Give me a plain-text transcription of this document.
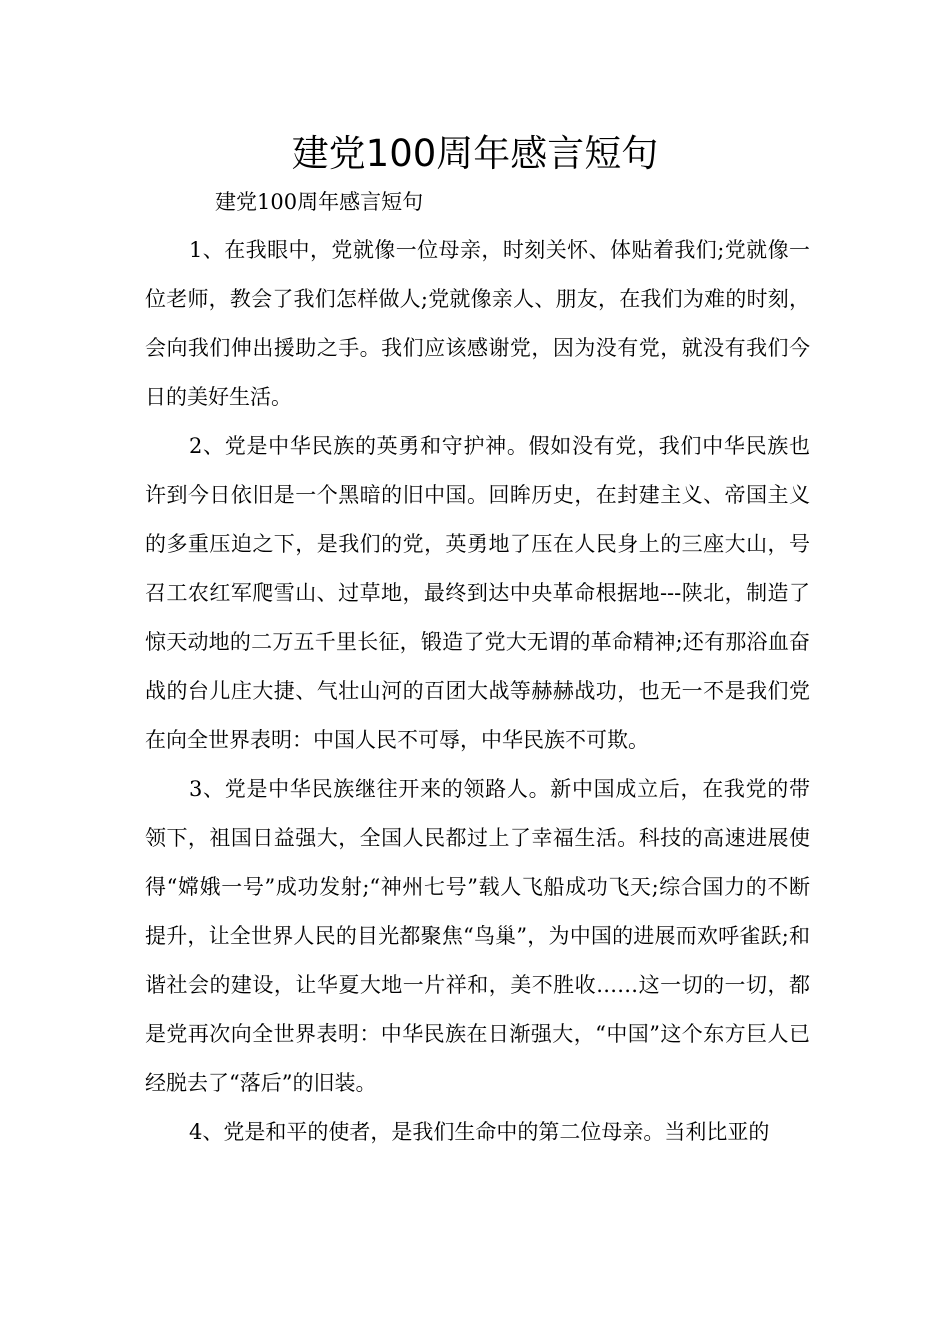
建党100周年感言短句

建党100周年感言短句

1、在我眼中，党就像一位母亲，时刻关怀、体贴着我们;党就像一位老师，教会了我们怎样做人;党就像亲人、朋友，在我们为难的时刻，会向我们伸出援助之手。我们应该感谢党，因为没有党，就没有我们今日的美好生活。

2、党是中华民族的英勇和守护神。假如没有党，我们中华民族也许到今日依旧是一个黑暗的旧中国。回眸历史，在封建主义、帝国主义的多重压迫之下，是我们的党，英勇地了压在人民身上的三座大山，号召工农红军爬雪山、过草地，最终到达中央革命根据地---陕北，制造了惊天动地的二万五千里长征，锻造了党大无谓的革命精神;还有那浴血奋战的台儿庄大捷、气壮山河的百团大战等赫赫战功，也无一不是我们党在向全世界表明：中国人民不可辱，中华民族不可欺。

3、党是中华民族继往开来的领路人。新中国成立后，在我党的带领下，祖国日益强大，全国人民都过上了幸福生活。科技的高速进展使得“嫦娥一号”成功发射;“神州七号”载人飞船成功飞天;综合国力的不断提升，让全世界人民的目光都聚焦“鸟巢”，为中国的进展而欢呼雀跃;和谐社会的建设，让华夏大地一片祥和，美不胜收……这一切的一切，都是党再次向全世界表明：中华民族在日渐强大，“中国”这个东方巨人已经脱去了“落后”的旧装。

4、党是和平的使者，是我们生命中的第二位母亲。当利比亚的
